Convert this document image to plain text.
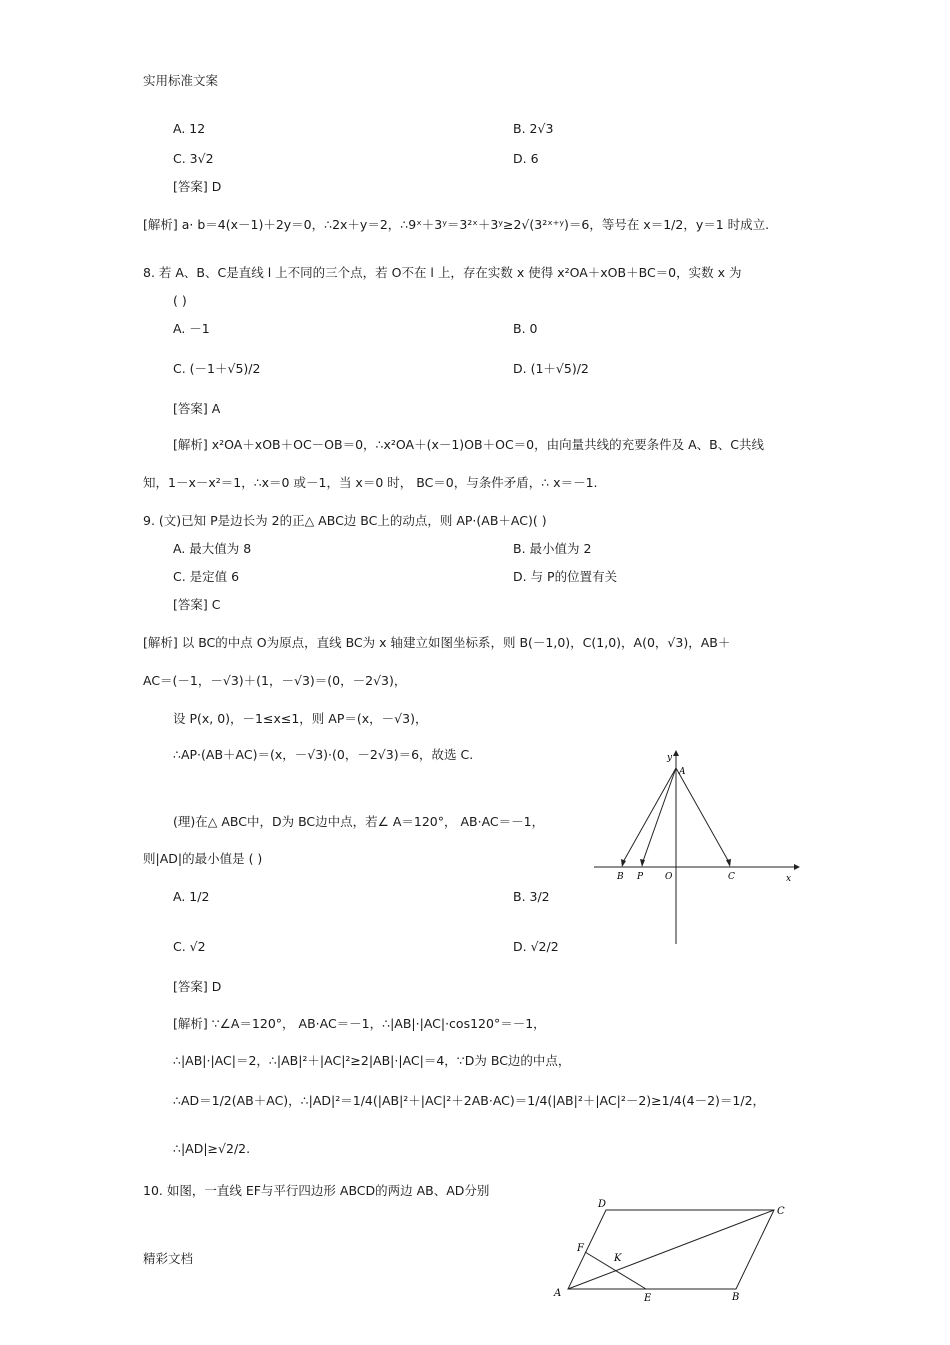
实用标准文案
A. 12	B. 2√3
C. 3√2	D. 6
[答案] D
[解析] a· b＝4(x－1)＋2y＝0，∴2x＋y＝2，∴9ˣ＋3ʸ＝3²ˣ＋3ʸ≥2√(3²ˣ⁺ʸ)＝6，等号在 x＝1/2，y＝1 时成立.
8. 若 A、B、C是直线 l 上不同的三个点，若 O不在 l 上，存在实数 x 使得 x²OA＋xOB＋BC＝0，实数 x 为
( )
A. －1	B. 0
C. (－1＋√5)/2	D. (1＋√5)/2
[答案] A
[解析] x²OA＋xOB＋OC－OB＝0，∴x²OA＋(x－1)OB＋OC＝0，由向量共线的充要条件及 A、B、C共线
知，1－x－x²＝1，∴x＝0 或－1，当 x＝0 时， BC＝0，与条件矛盾，∴ x＝－1.
9. (文)已知 P是边长为 2的正△ ABC边 BC上的动点，则 AP·(AB＋AC)( )
A. 最大值为 8	B. 最小值为 2
C. 是定值 6	D. 与 P的位置有关
[答案] C
[解析] 以 BC的中点 O为原点，直线 BC为 x 轴建立如图坐标系，则 B(－1,0)，C(1,0)，A(0，√3)，AB＋
AC＝(－1，－√3)＋(1，－√3)＝(0，－2√3)，
设 P(x, 0)，－1≤x≤1，则 AP＝(x，－√3)，
∴AP·(AB＋AC)＝(x，－√3)·(0，－2√3)＝6，故选 C.
(理)在△ ABC中，D为 BC边中点，若∠ A＝120°， AB·AC＝－1，
则|AD|的最小值是 ( )
A. 1/2	B. 3/2
C. √2	D. √2/2
[答案] D
[解析] ∵∠A＝120°， AB·AC＝－1，∴|AB|·|AC|·cos120°＝－1，
∴|AB|·|AC|＝2，∴|AB|²＋|AC|²≥2|AB|·|AC|＝4，∵D为 BC边的中点，
∴AD＝1/2(AB＋AC)，∴|AD|²＝1/4(|AB|²＋|AC|²＋2AB·AC)＝1/4(|AB|²＋|AC|²－2)≥1/4(4－2)＝1/2，
∴|AD|≥√2/2.
10. 如图，一直线 EF与平行四边形 ABCD的两边 AB、AD分别
精彩文档
y
A
B P O	C	x
D
C
F
K
A	E	B
